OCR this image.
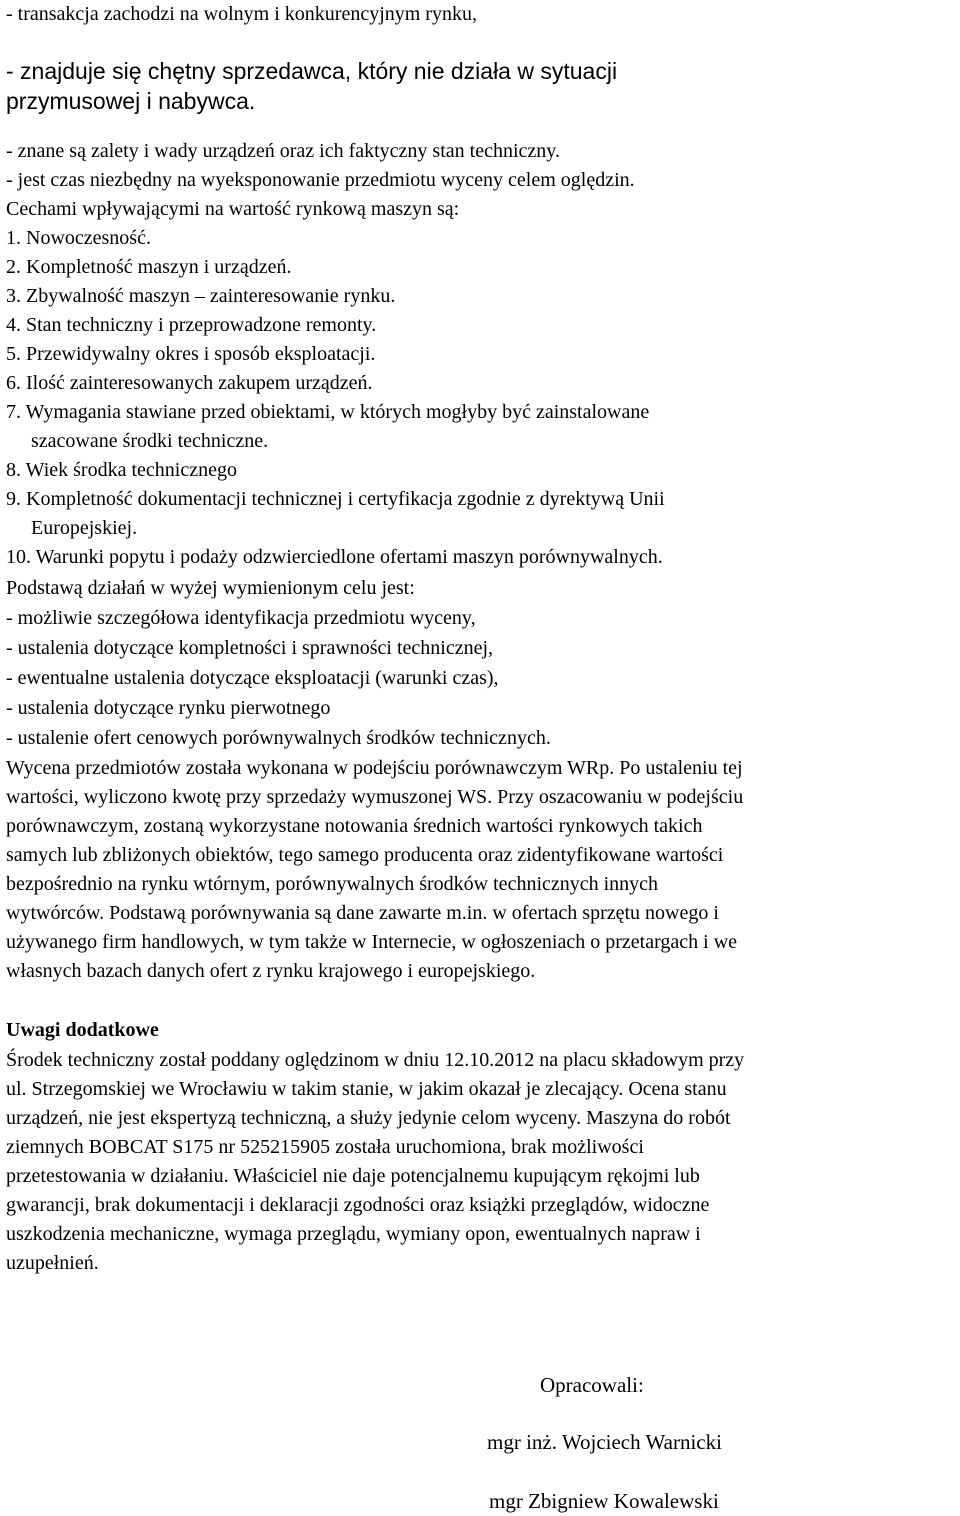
- transakcja zachodzi na wolnym i konkurencyjnym rynku,
- znajduje się chętny sprzedawca, który nie działa w sytuacji
przymusowej i nabywca.
- znane są zalety i wady urządzeń oraz ich faktyczny stan techniczny.
- jest czas niezbędny na wyeksponowanie przedmiotu wyceny celem oględzin.
Cechami wpływającymi na wartość rynkową maszyn są:
1. Nowoczesność.
2. Kompletność maszyn i urządzeń.
3. Zbywalność maszyn – zainteresowanie rynku.
4. Stan techniczny i przeprowadzone remonty.
5. Przewidywalny okres i sposób eksploatacji.
6. Ilość zainteresowanych zakupem urządzeń.
7. Wymagania stawiane przed obiektami, w których mogłyby być zainstalowane
szacowane środki techniczne.
8. Wiek środka technicznego
9. Kompletność dokumentacji technicznej i certyfikacja zgodnie z dyrektywą Unii
Europejskiej.
10. Warunki popytu i podaży odzwierciedlone ofertami maszyn porównywalnych.
Podstawą działań w wyżej wymienionym celu jest:
- możliwie szczegółowa identyfikacja przedmiotu wyceny,
- ustalenia dotyczące kompletności i sprawności technicznej,
- ewentualne ustalenia dotyczące eksploatacji (warunki czas),
- ustalenia dotyczące rynku pierwotnego
- ustalenie ofert cenowych porównywalnych środków technicznych.
Wycena przedmiotów została wykonana w podejściu porównawczym WRp. Po ustaleniu tej
wartości, wyliczono kwotę przy sprzedaży wymuszonej WS. Przy oszacowaniu w podejściu
porównawczym, zostaną wykorzystane notowania średnich wartości rynkowych takich
samych lub zbliżonych obiektów, tego samego producenta oraz zidentyfikowane wartości
bezpośrednio na rynku wtórnym, porównywalnych środków technicznych innych
wytwórców. Podstawą porównywania są dane zawarte m.in. w ofertach sprzętu nowego i
używanego firm handlowych, w tym także w Internecie, w ogłoszeniach o przetargach i we
własnych bazach danych ofert z rynku krajowego i europejskiego.
Uwagi dodatkowe
Środek techniczny został poddany oględzinom w dniu 12.10.2012 na placu składowym przy
ul. Strzegomskiej we Wrocławiu w takim stanie, w jakim okazał je zlecający. Ocena stanu
urządzeń, nie jest ekspertyzą techniczną, a służy jedynie celom wyceny. Maszyna do robót
ziemnych BOBCAT S175 nr 525215905 została uruchomiona, brak możliwości
przetestowania w działaniu. Właściciel nie daje potencjalnemu kupującym rękojmi lub
gwarancji, brak dokumentacji i deklaracji zgodności oraz książki przeglądów, widoczne
uszkodzenia mechaniczne, wymaga przeglądu, wymiany opon, ewentualnych napraw i
uzupełnień.
Opracowali:
mgr inż. Wojciech Warnicki
mgr Zbigniew Kowalewski
